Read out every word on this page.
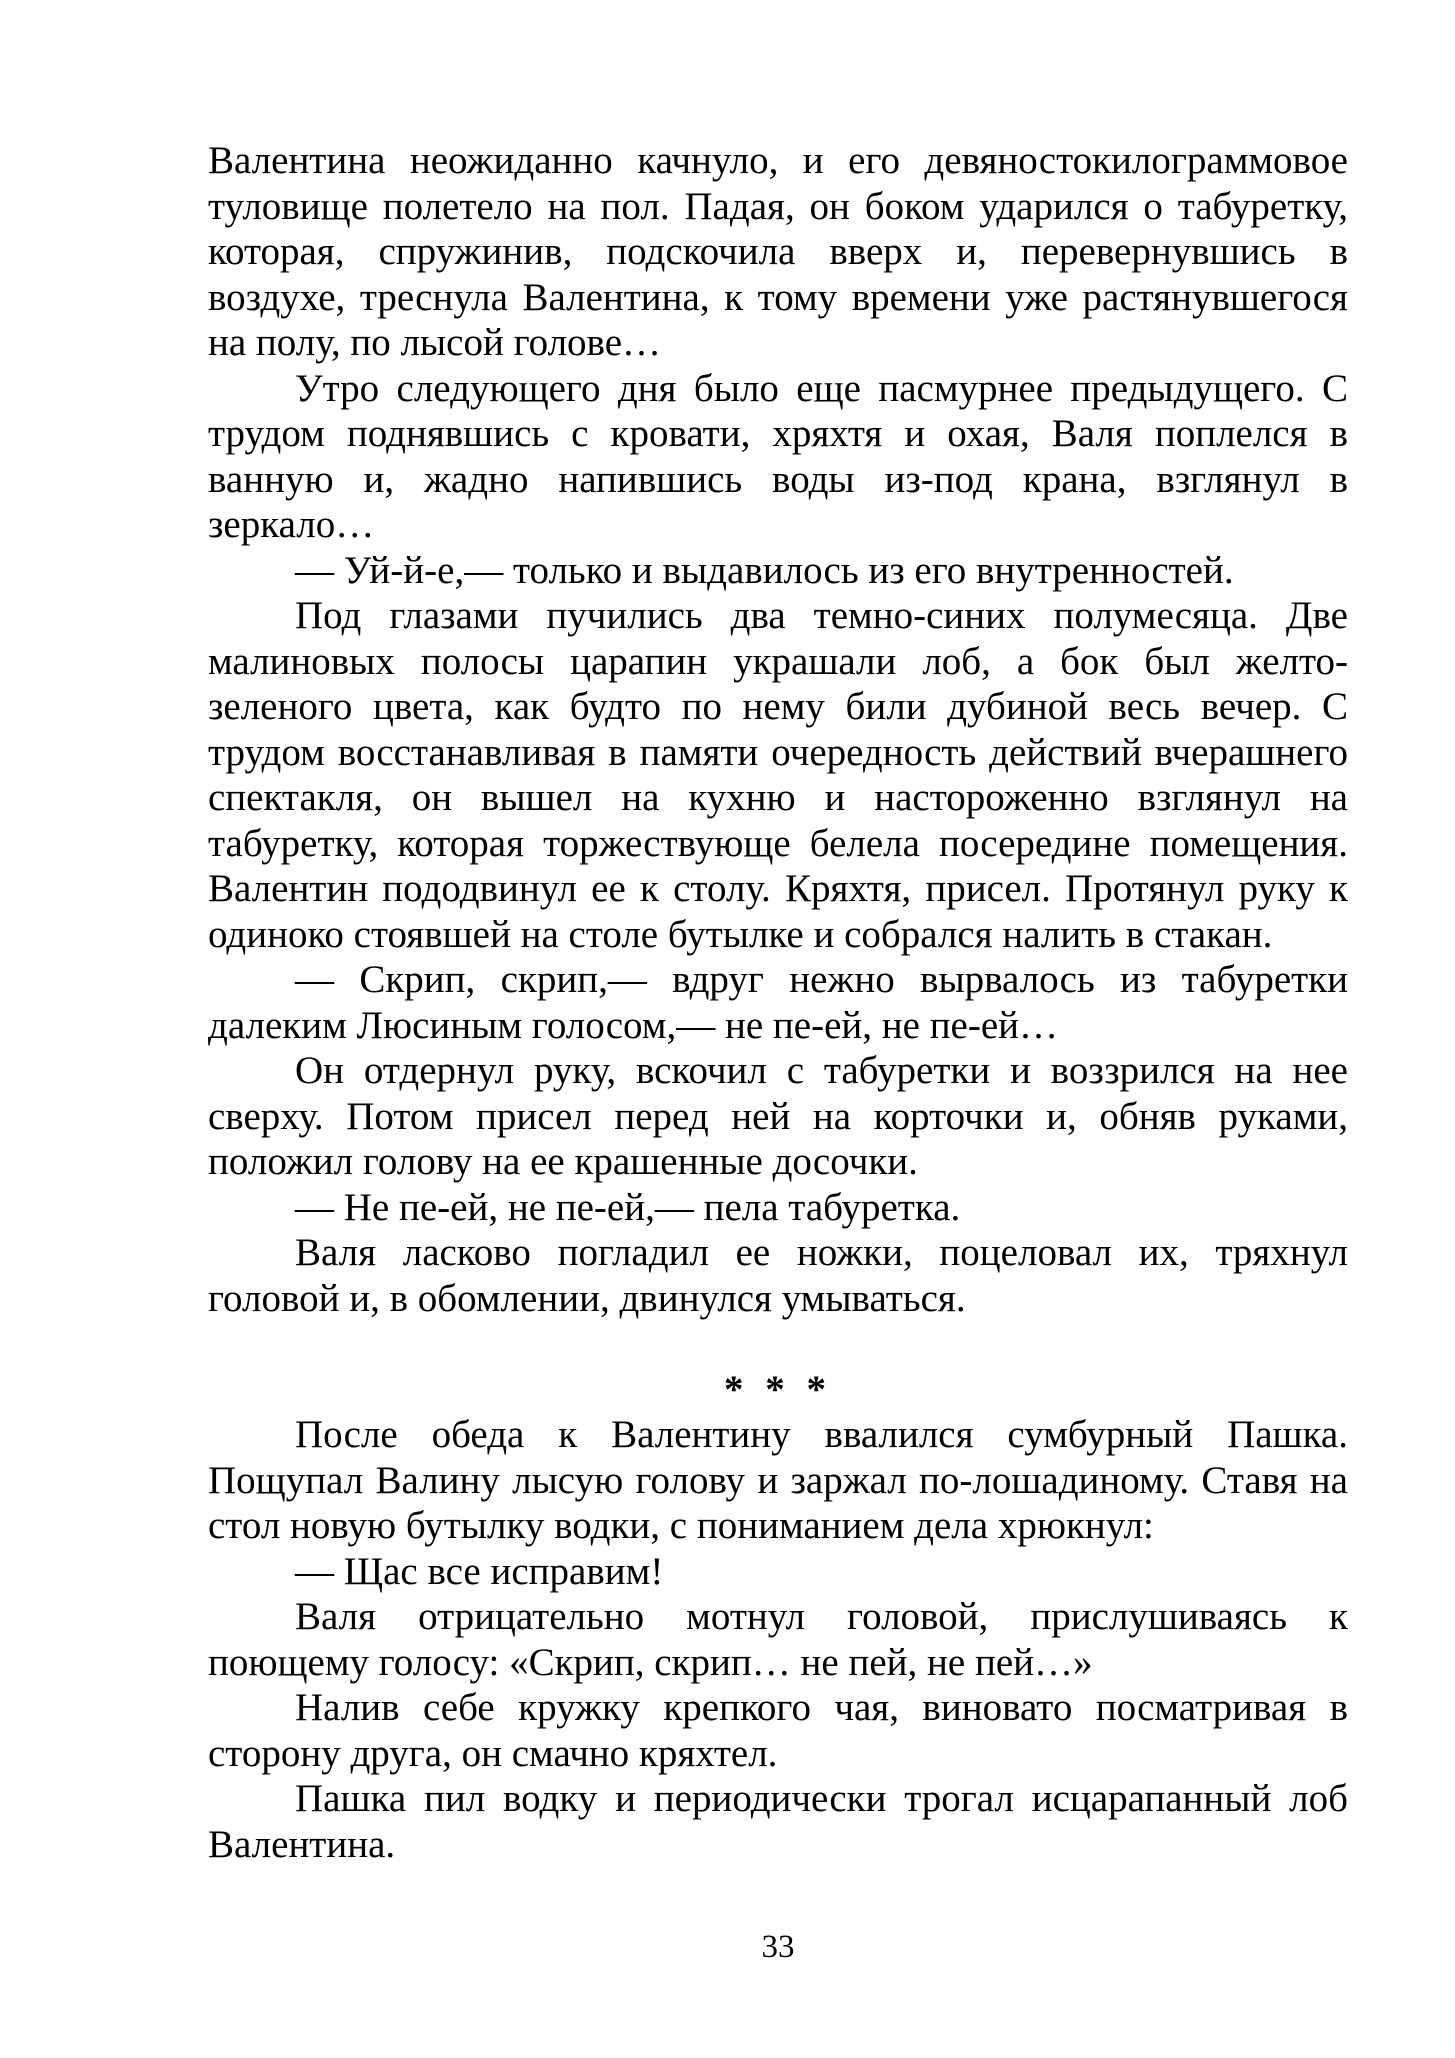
Валентина неожиданно качнуло, и его девяностокилограммовое туловище полетело на пол. Падая, он боком ударился о табуретку, которая, спружинив, подскочила вверх и, перевернувшись в воздухе, треснула Валентина, к тому времени уже растянувшегося на полу, по лысой голове…

Утро следующего дня было еще пасмурнее предыдущего. С трудом поднявшись с кровати, хряхтя и охая, Валя поплелся в ванную и, жадно напившись воды из-под крана, взглянул в зеркало…

— Уй-й-е,— только и выдавилось из его внутренностей.

Под глазами пучились два темно-синих полумесяца. Две малиновых полосы царапин украшали лоб, а бок был желто-зеленого цвета, как будто по нему били дубиной весь вечер. С трудом восстанавливая в памяти очередность действий вчерашнего спектакля, он вышел на кухню и настороженно взглянул на табуретку, которая торжествующе белела посередине помещения. Валентин пододвинул ее к столу. Кряхтя, присел. Протянул руку к одиноко стоявшей на столе бутылке и собрался налить в стакан.

— Скрип, скрип,— вдруг нежно вырвалось из табуретки далеким Люсиным голосом,— не пе-ей, не пе-ей…

Он отдернул руку, вскочил с табуретки и воззрился на нее сверху. Потом присел перед ней на корточки и, обняв руками, положил голову на ее крашенные досочки.

— Не пе-ей, не пе-ей,— пела табуретка.

Валя ласково погладил ее ножки, поцеловал их, тряхнул головой и, в обомлении, двинулся умываться.

* * *

После обеда к Валентину ввалился сумбурный Пашка. Пощупал Валину лысую голову и заржал по-лошадиному. Ставя на стол новую бутылку водки, с пониманием дела хрюкнул:

— Щас все исправим!

Валя отрицательно мотнул головой, прислушиваясь к поющему голосу: «Скрип, скрип… не пей, не пей…»

Налив себе кружку крепкого чая, виновато посматривая в сторону друга, он смачно кряхтел.

Пашка пил водку и периодически трогал исцарапанный лоб Валентина.

33
